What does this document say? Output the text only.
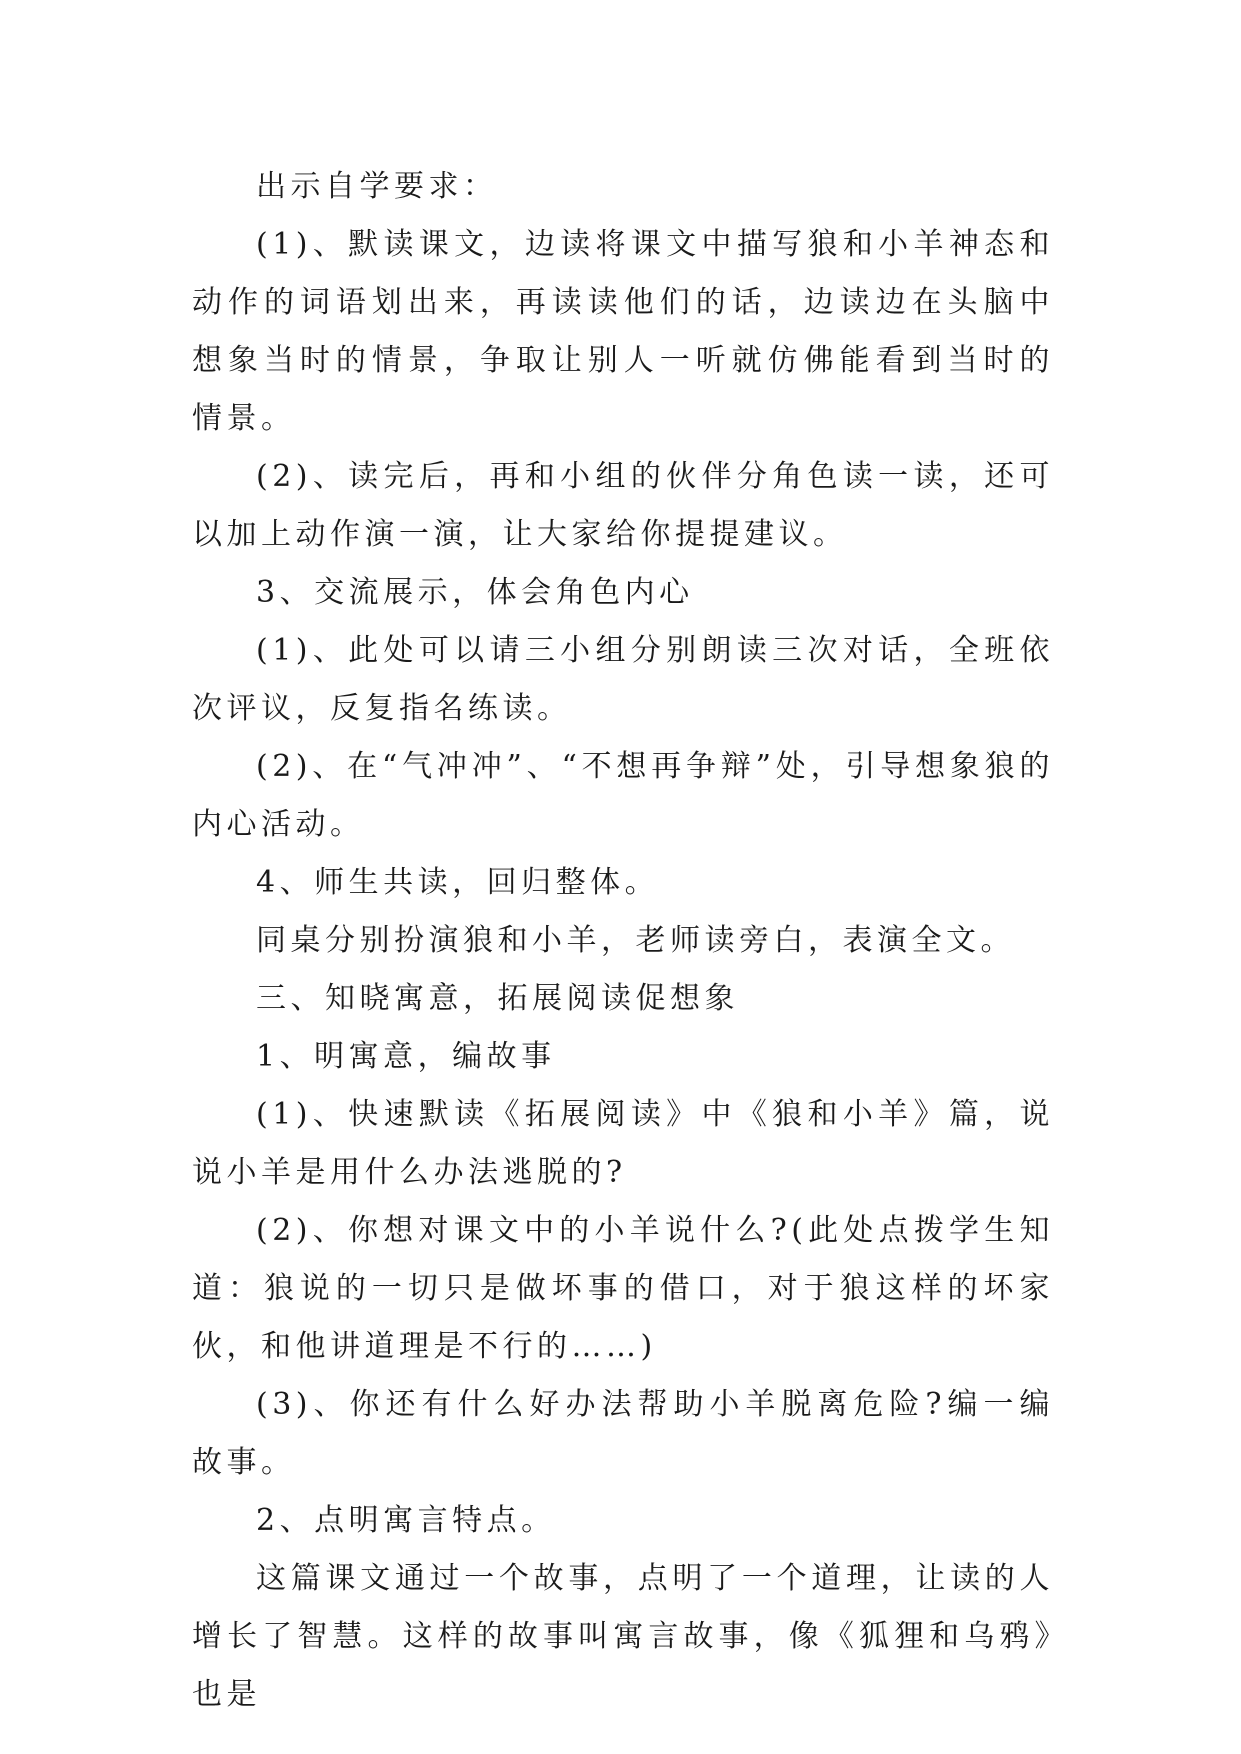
出示自学要求：

(1)、默读课文，边读将课文中描写狼和小羊神态和动作的词语划出来，再读读他们的话，边读边在头脑中想象当时的情景，争取让别人一听就仿佛能看到当时的情景。

(2)、读完后，再和小组的伙伴分角色读一读，还可以加上动作演一演，让大家给你提提建议。

3、交流展示，体会角色内心

(1)、此处可以请三小组分别朗读三次对话，全班依次评议，反复指名练读。

(2)、在“气冲冲”、“不想再争辩”处，引导想象狼的内心活动。

4、师生共读，回归整体。

同桌分别扮演狼和小羊，老师读旁白，表演全文。

三、知晓寓意，拓展阅读促想象

1、明寓意，编故事

(1)、快速默读《拓展阅读》中《狼和小羊》篇，说说小羊是用什么办法逃脱的?

(2)、你想对课文中的小羊说什么?(此处点拨学生知道：狼说的一切只是做坏事的借口，对于狼这样的坏家伙，和他讲道理是不行的……)

(3)、你还有什么好办法帮助小羊脱离危险?编一编故事。

2、点明寓言特点。

这篇课文通过一个故事，点明了一个道理，让读的人增长了智慧。这样的故事叫寓言故事，像《狐狸和乌鸦》也是
